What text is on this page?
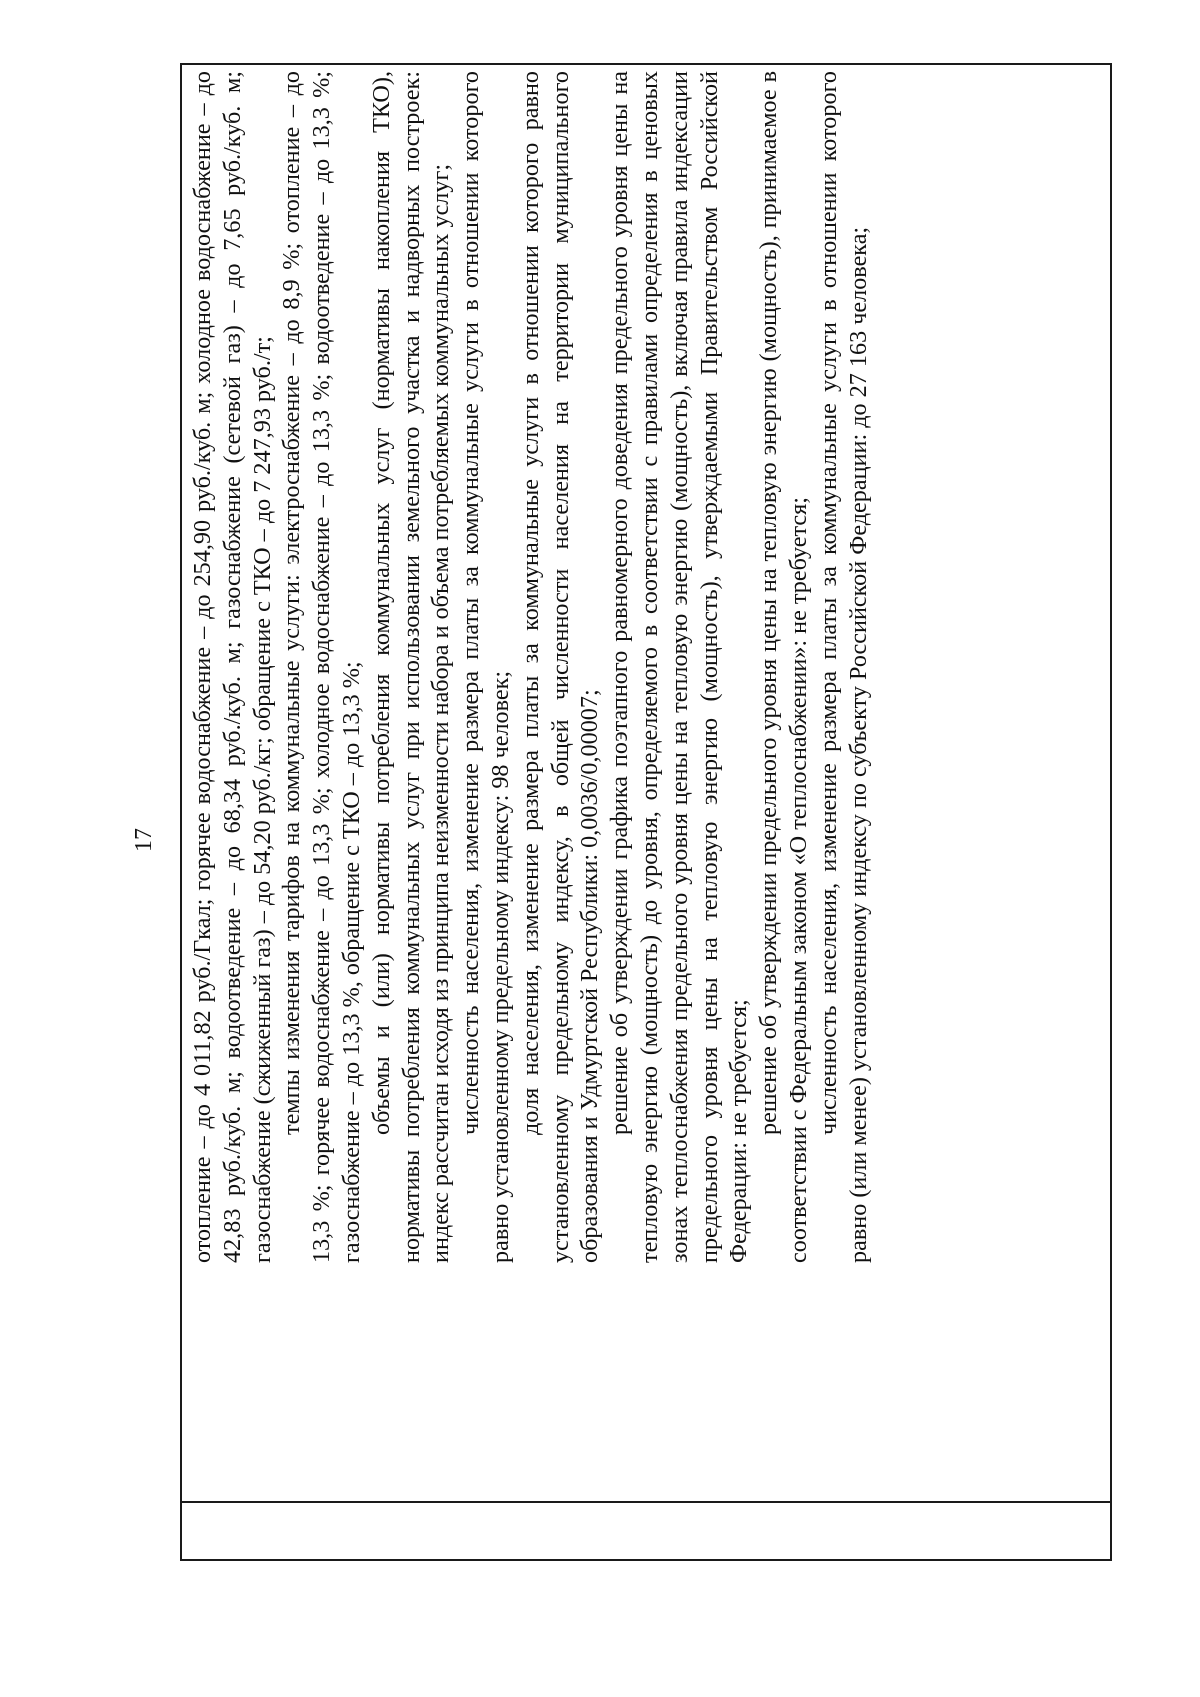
17 отопление – до 4 011,82 руб./Гкал; горячее водоснабжение – до 254,90 руб./куб. м; холодное водоснабжение – до 42,83 руб./куб. м; водоотведение – до 68,34 руб./куб. м; газоснабжение (сетевой газ) – до 7,65 руб./куб. м; газоснабжение (сжиженный газ) – до 54,20 руб./кг; обращение с ТКО – до 7 247,93 руб./т; темпы изменения тарифов на коммунальные услуги: электроснабжение – до 8,9 %; отопление – до 13,3 %; горячее водоснабжение – до 13,3 %; холодное водоснабжение – до 13,3 %; водоотведение – до 13,3 %; газоснабжение – до 13,3 %, обращение с ТКО – до 13,3 %; объемы и (или) нормативы потребления коммунальных услуг (нормативы накопления ТКО), нормативы потребления коммунальных услуг при использовании земельного участка и надворных построек: индекс рассчитан исходя из принципа неизменности набора и объема потребляемых коммунальных услуг; численность населения, изменение размера платы за коммунальные услуги в отношении которого равно установленному предельному индексу: 98 человек; доля населения, изменение размера платы за коммунальные услуги в отношении которого равно установленному предельному индексу, в общей численности населения на территории муниципального образования и Удмуртской Республики: 0,0036/0,00007; решение об утверждении графика поэтапного равномерного доведения предельного уровня цены на тепловую энергию (мощность) до уровня, определяемого в соответствии с правилами определения в ценовых зонах теплоснабжения предельного уровня цены на тепловую энергию (мощность), включая правила индексации предельного уровня цены на тепловую энергию (мощность), утверждаемыми Правительством Российской Федерации: не требуется; решение об утверждении предельного уровня цены на тепловую энергию (мощность), принимаемое в соответствии с Федеральным законом «О теплоснабжении»: не требуется; численность населения, изменение размера платы за коммунальные услуги в отношении которого равно (или менее) установленному индексу по субъекту Российской Федерации: до 27 163 человека;
